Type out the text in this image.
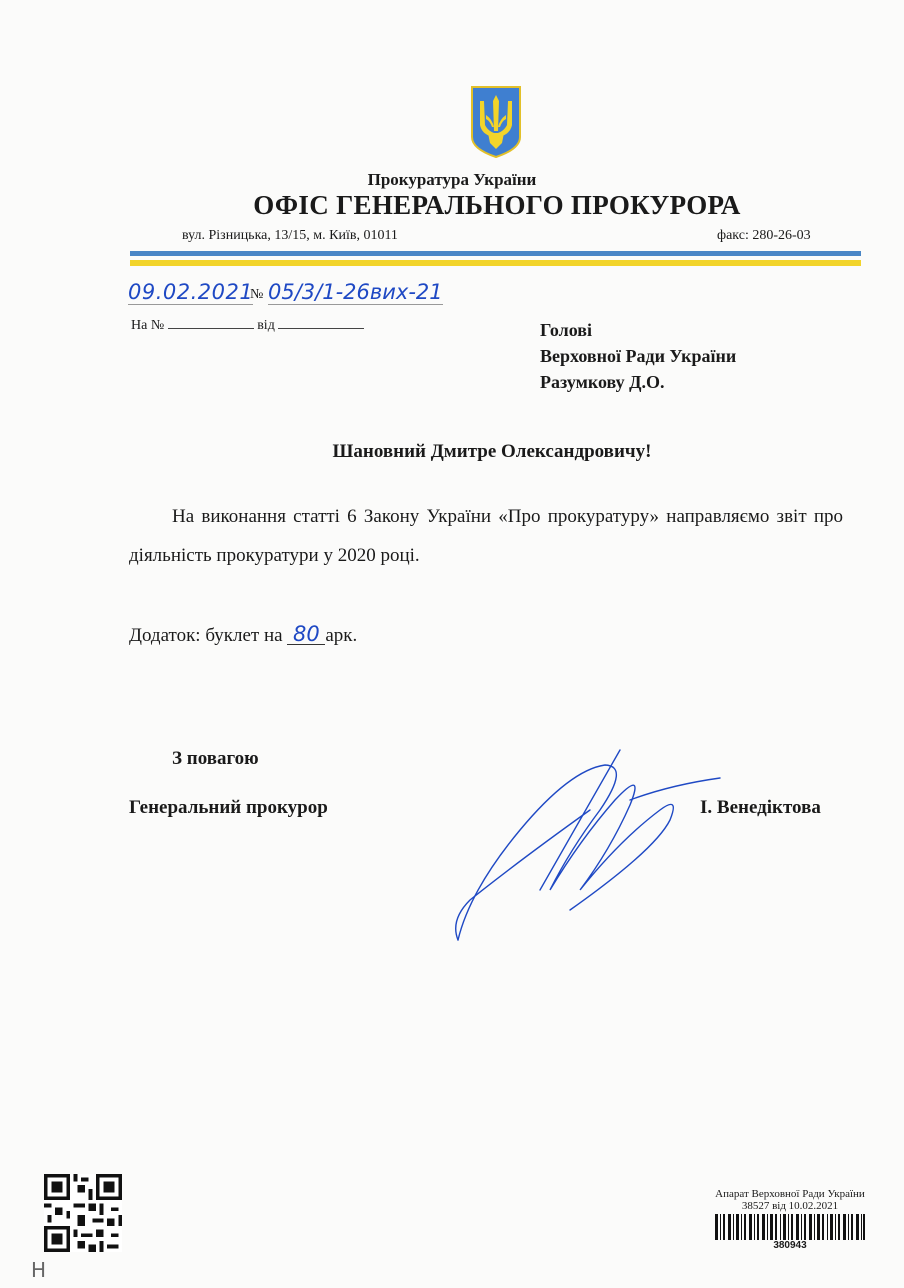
Прокуратура України
ОФІС ГЕНЕРАЛЬНОГО ПРОКУРОРА
вул. Різницька, 13/15, м. Київ, 01011	факс: 280-26-03
09.02.2021
№ 05/3/1-26вих-21
На №	від	Голові
Верховної Ради України
Разумкову Д.О.
Шановний Дмитре Олександровичу!
На виконання статті 6 Закону України «Про прокуратуру» направляємо звіт про діяльність прокуратури у 2020 році.
Додаток: буклет на 80 арк.
З повагою
Генеральний прокурор	І. Венедіктова
Апарат Верховної Ради України
38527 від 10.02.2021
380943
Н
